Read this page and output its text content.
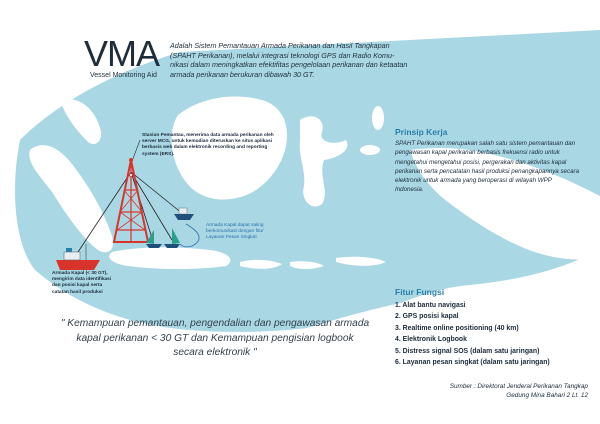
VMA
Vessel Monitoring Aid
Adalah Sistem Pemantauan Armada Perikanan dan Hasil Tangkapan (SPAHT Perikanan), melalui integrasi teknologi GPS dan Radio Komu-nikasi dalam meningkatkan efektifitas pengelolaan perikanan dan ketaatan armada perikanan berukuran dibawah 30 GT.
Stasiun Pemantau, menerima data armada perikanan oleh server MCG, untuk kemudian diteruskan ke situs aplikasi berbasis web dalam elektronik recording and reporting system (ERS).
Armada Kapal (< 30 GT), mengirim data identifikasi dan posisi kapal serta catatan hasil produksi
Armada Kapal dapat saling berkomunikasi dengan fitur Layanan Pesan Singkat
Prinsip Kerja
SPAHT Perikanan merupakan salah satu sistem pemantauan dan pengawasan kapal perikanan berbasis frekuensi radio untuk mengetahui mengetahui posisi, pergerakan dan aktivitas kapal perikanan serta pencatatan hasil produksi penangkapannya secara elektronik untuk armada yang beroperasi di wilayah WPP Indonesia.
Fitur Fungsi
1. Alat bantu navigasi
2. GPS posisi kapal
3. Realtime online positioning (40 km)
4. Elektronik Logbook
5. Distress signal SOS (dalam satu jaringan)
6. Layanan pesan singkat (dalam satu jaringan)
" Kemampuan pemantauan, pengendalian dan pengawasan armada kapal perikanan < 30 GT dan Kemampuan pengisian logbook secara elektronik "
Sumber : Direktorat Jenderal Perikanan Tangkap
Gedung Mina Bahari 2 Lt. 12
